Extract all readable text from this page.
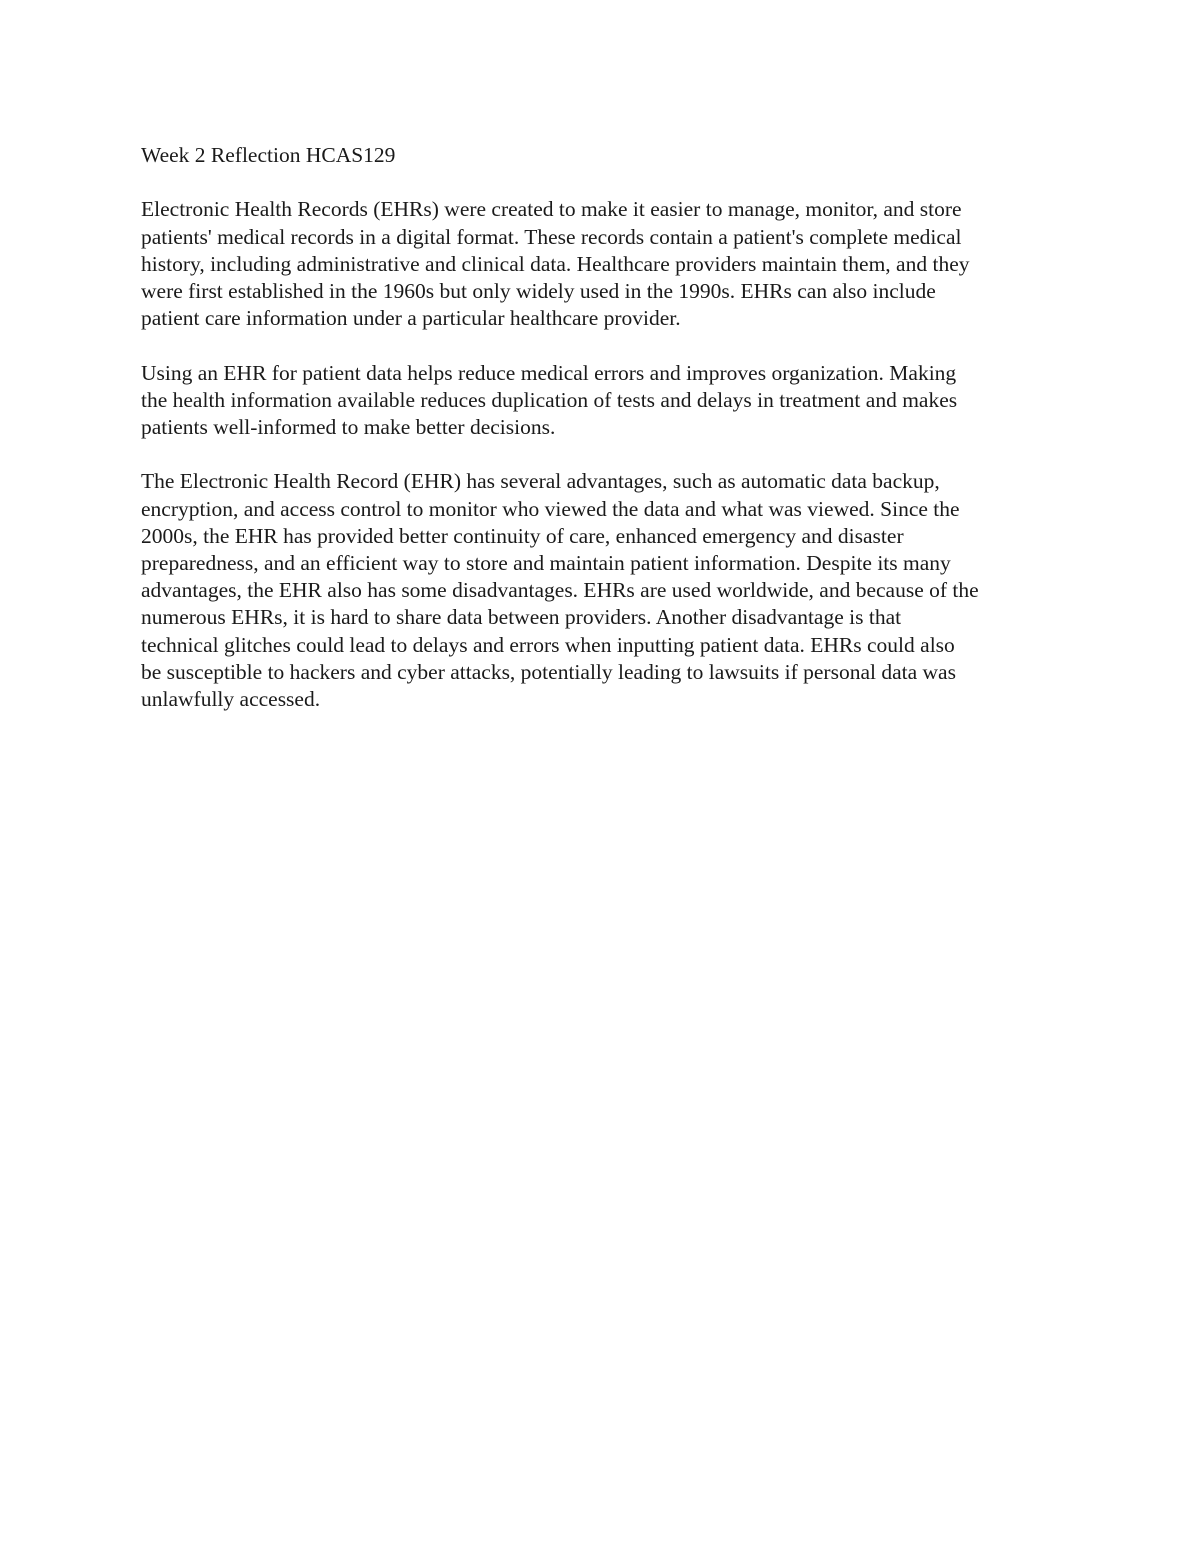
Week 2 Reflection HCAS129
Electronic Health Records (EHRs) were created to make it easier to manage, monitor, and store
patients' medical records in a digital format. These records contain a patient's complete medical
history, including administrative and clinical data. Healthcare providers maintain them, and they
were first established in the 1960s but only widely used in the 1990s. EHRs can also include
patient care information under a particular healthcare provider.
Using an EHR for patient data helps reduce medical errors and improves organization. Making
the health information available reduces duplication of tests and delays in treatment and makes
patients well-informed to make better decisions.
The Electronic Health Record (EHR) has several advantages, such as automatic data backup,
encryption, and access control to monitor who viewed the data and what was viewed. Since the
2000s, the EHR has provided better continuity of care, enhanced emergency and disaster
preparedness, and an efficient way to store and maintain patient information. Despite its many
advantages, the EHR also has some disadvantages. EHRs are used worldwide, and because of the
numerous EHRs, it is hard to share data between providers. Another disadvantage is that
technical glitches could lead to delays and errors when inputting patient data. EHRs could also
be susceptible to hackers and cyber attacks, potentially leading to lawsuits if personal data was
unlawfully accessed.
